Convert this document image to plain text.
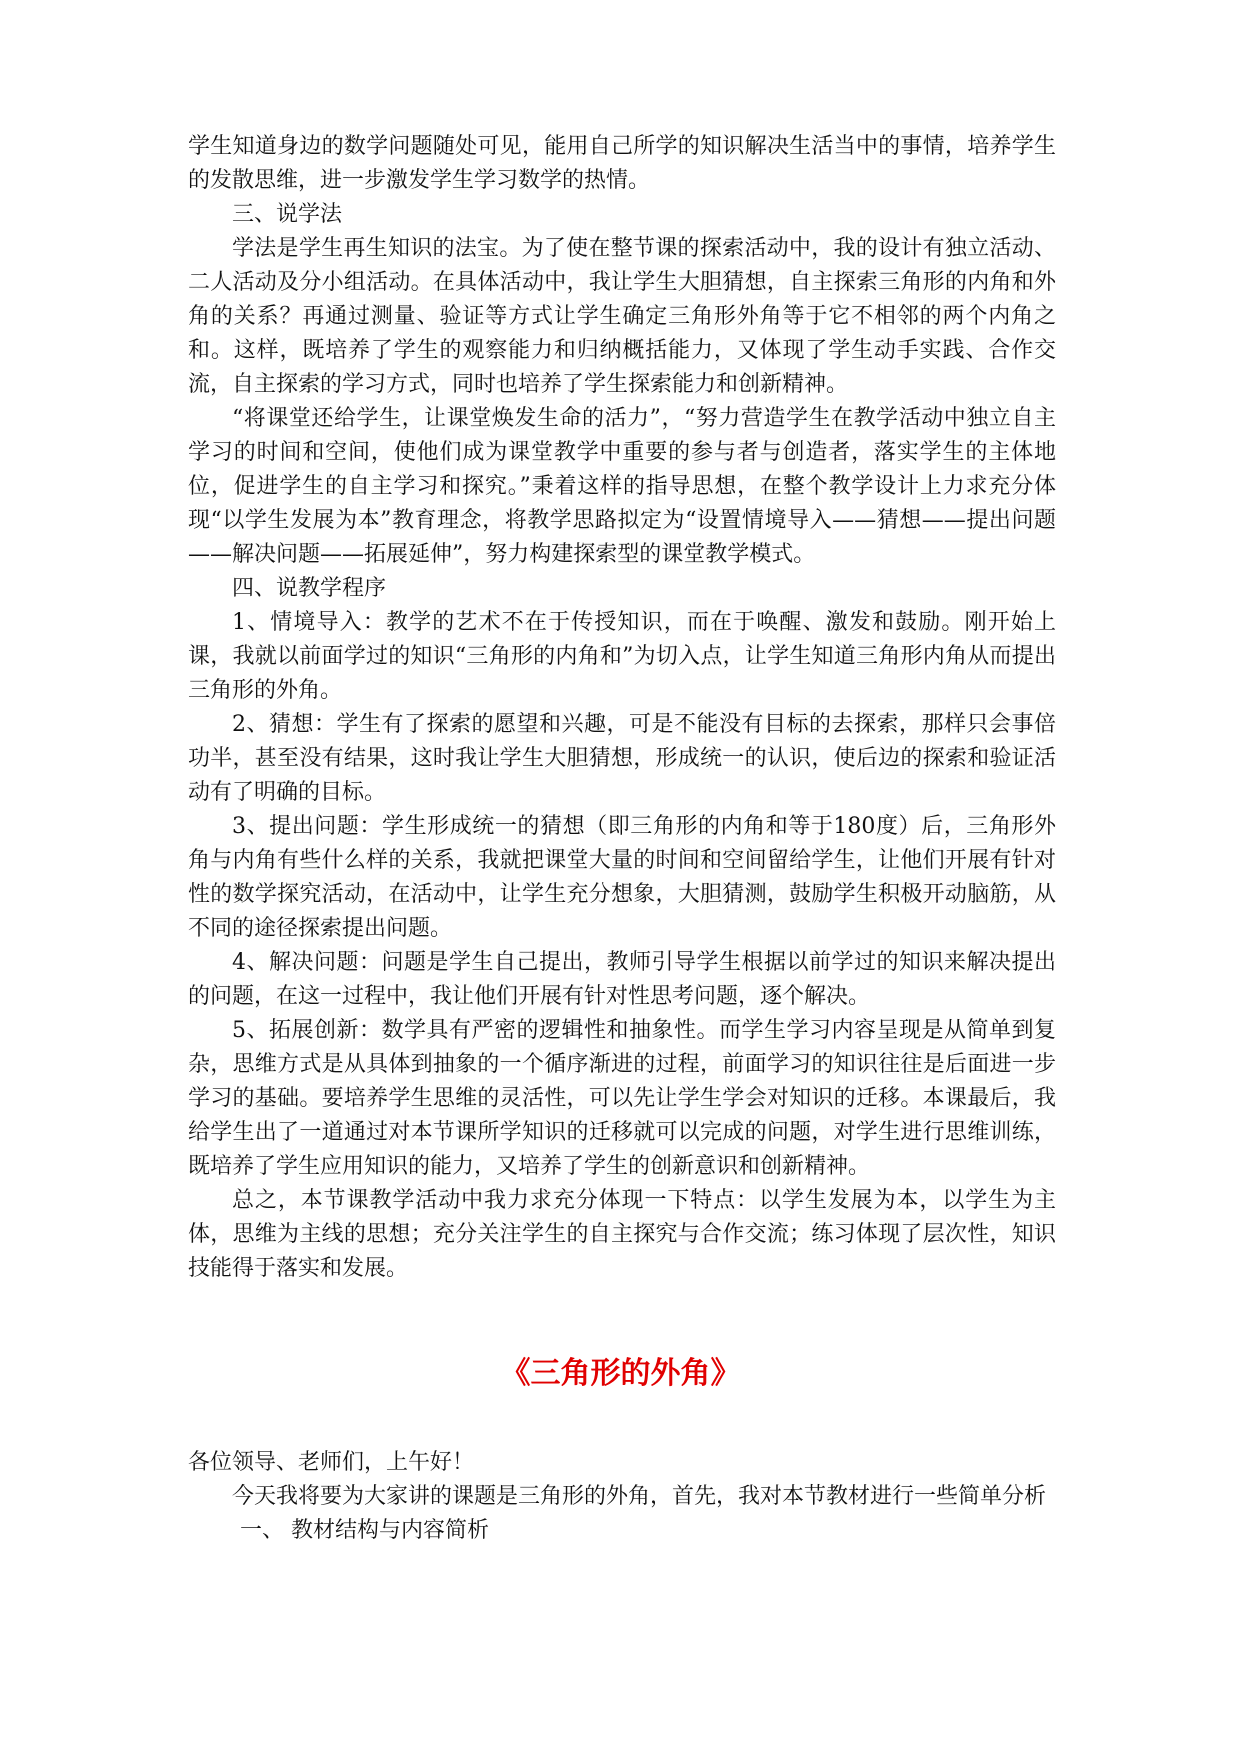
学生知道身边的数学问题随处可见，能用自己所学的知识解决生活当中的事情，培养学生的发散思维，进一步激发学生学习数学的热情。

三、说学法

学法是学生再生知识的法宝。为了使在整节课的探索活动中，我的设计有独立活动、二人活动及分小组活动。在具体活动中，我让学生大胆猜想，自主探索三角形的内角和外角的关系？再通过测量、验证等方式让学生确定三角形外角等于它不相邻的两个内角之和。这样，既培养了学生的观察能力和归纳概括能力，又体现了学生动手实践、合作交流，自主探索的学习方式，同时也培养了学生探索能力和创新精神。

“将课堂还给学生，让课堂焕发生命的活力”，“努力营造学生在教学活动中独立自主学习的时间和空间，使他们成为课堂教学中重要的参与者与创造者，落实学生的主体地位，促进学生的自主学习和探究。”秉着这样的指导思想，在整个教学设计上力求充分体现“以学生发展为本”教育理念，将教学思路拟定为“设置情境导入——猜想——提出问题——解决问题——拓展延伸”，努力构建探索型的课堂教学模式。

四、说教学程序

1、情境导入：教学的艺术不在于传授知识，而在于唤醒、激发和鼓励。刚开始上课，我就以前面学过的知识“三角形的内角和”为切入点，让学生知道三角形内角从而提出三角形的外角。

2、猜想：学生有了探索的愿望和兴趣，可是不能没有目标的去探索，那样只会事倍功半，甚至没有结果，这时我让学生大胆猜想，形成统一的认识，使后边的探索和验证活动有了明确的目标。

3、提出问题：学生形成统一的猜想（即三角形的内角和等于180度）后，三角形外角与内角有些什么样的关系，我就把课堂大量的时间和空间留给学生，让他们开展有针对性的数学探究活动，在活动中，让学生充分想象，大胆猜测，鼓励学生积极开动脑筋，从不同的途径探索提出问题。

4、解决问题：问题是学生自己提出，教师引导学生根据以前学过的知识来解决提出的问题，在这一过程中，我让他们开展有针对性思考问题，逐个解决。

5、拓展创新：数学具有严密的逻辑性和抽象性。而学生学习内容呈现是从简单到复杂，思维方式是从具体到抽象的一个循序渐进的过程，前面学习的知识往往是后面进一步学习的基础。要培养学生思维的灵活性，可以先让学生学会对知识的迁移。本课最后，我给学生出了一道通过对本节课所学知识的迁移就可以完成的问题，对学生进行思维训练，既培养了学生应用知识的能力，又培养了学生的创新意识和创新精神。

总之，本节课教学活动中我力求充分体现一下特点：以学生发展为本，以学生为主体，思维为主线的思想；充分关注学生的自主探究与合作交流；练习体现了层次性，知识技能得于落实和发展。

《三角形的外角》

各位领导、老师们，上午好！

今天我将要为大家讲的课题是三角形的外角，首先，我对本节教材进行一些简单分析

一、 教材结构与内容简析
